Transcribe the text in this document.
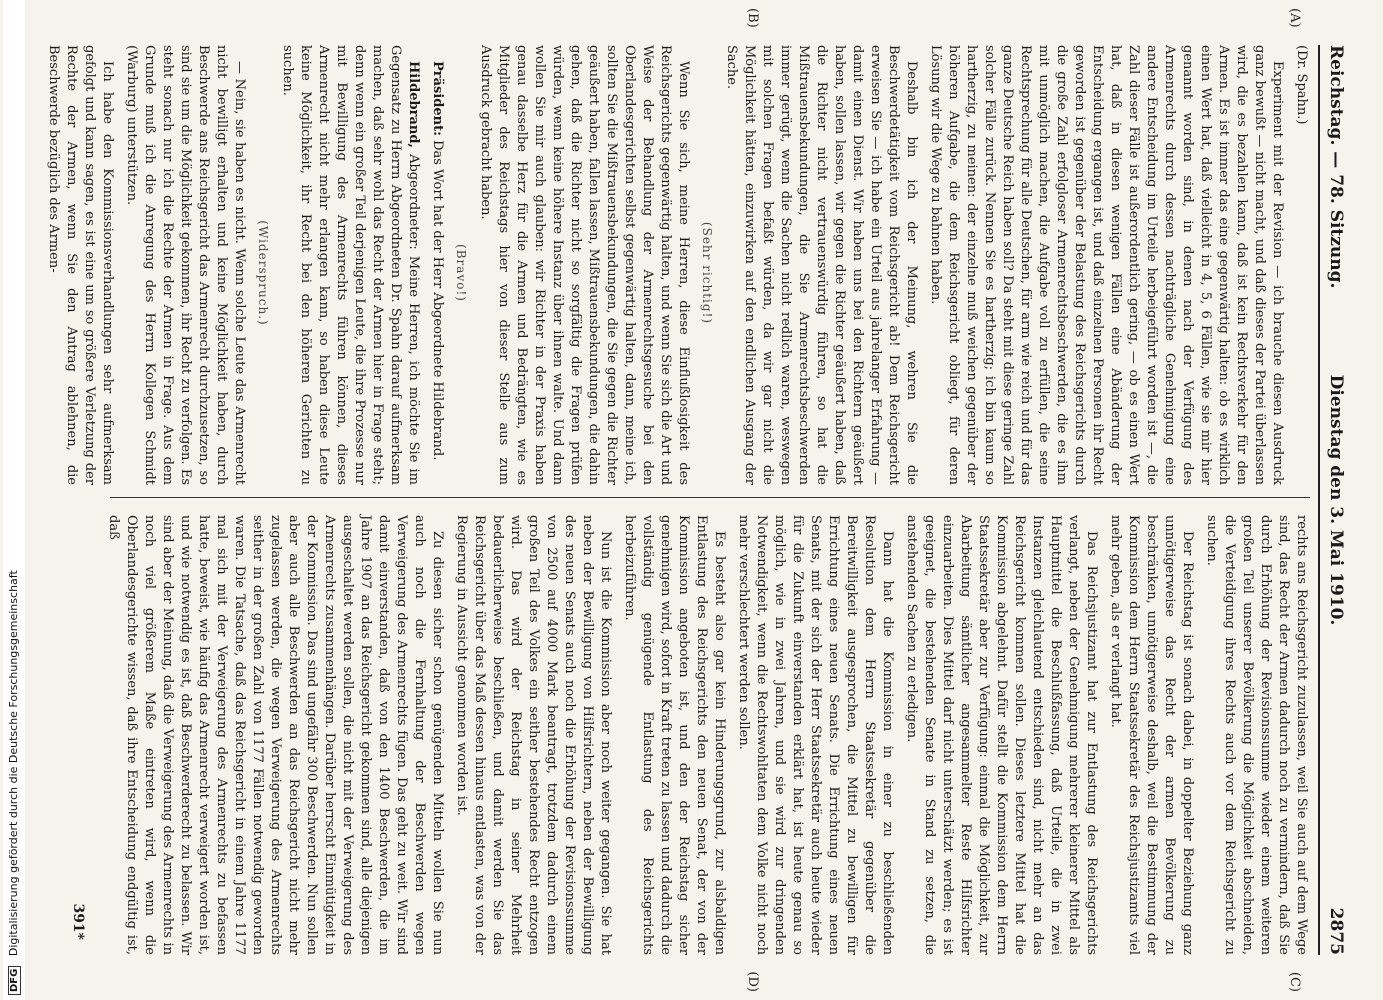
DFG Digitalisierung gefördert durch die Deutsche Forschungsgemeinschaft
Reichstag. — 78. Sitzung.
Dienstag den 3. Mai 1910.
2875
(A)
(B)
(C)
(D)

(Dr. Spahn.)

Experiment mit der Revision — ich brauche diesen Ausdruck ganz bewußt — nicht macht, und daß dieses der Partei überlassen wird, die es bezahlen kann, daß ist kein Rechtsverkehr für den Armen. Es ist immer das eine gegenwärtig halten: ob es wirklich einen Wert hat, daß vielleicht in 4, 5, 6 Fällen, wie sie mir hier genannt worden sind, in denen nach der Verfügung des Armenrechts durch dessen nachträgliche Genehmigung eine andere Entscheidung im Urteile herbeigeführt worden ist —, die Zahl dieser Fälle ist außerordentlich gering, — ob es einen Wert hat, daß in diesen wenigen Fällen eine Abänderung der Entscheidung ergangen ist, und daß einzelnen Personen ihr Recht geworden ist gegenüber der Belastung des Reichsgerichts durch die große Zahl erfolgloser Armenrechtsbeschwerden, die es ihm mit unmöglich machen, die Aufgabe voll zu erfüllen, die seine Rechtsprechung für alle Deutschen, für arm wie reich und für das ganze Deutsche Reich haben soll? Da steht mit diese geringe Zahl solcher Fälle zurück. Nennen Sie es hartherzig; ich bin kaum so hartherzig, zu meinen: der einzelne muß weichen gegenüber der höheren Aufgabe, die dem Reichsgericht obliegt, für deren Lösung wir die Wege zu bahnen haben.

Deshalb bin ich der Meinung, wehren Sie die Beschwerdetätigkeit vom Reichsgericht ab! Dem Reichsgericht erweisen Sie — ich habe ein Urteil aus jahrelanger Erfahrung — damit einen Dienst. Wir haben uns bei den Richtern geäußert haben, sollen lassen, wir gegen die Richter geäußert haben, daß die Richter nicht vertrauenswürdig führen, so hat die Mißtrauensbekundungen, die Sie Armenrechtsbeschwerden immer gerügt, wenn die Sachen nicht redlich waren, weswegen mit solchen Fragen befaßt würden, da wir gar nicht die Möglichkeit hätten, einzuwirken auf den endlichen Ausgang der Sache.

(Sehr richtig!)

Wenn Sie sich, meine Herren, diese Einflußlosigkeit des Reichsgerichts gegenwärtig halten, und wenn Sie sich die Art und Weise der Behandlung der Armenrechtsgesuche bei den Oberlandesgerichten selbst gegenwärtig halten, dann, meine ich, sollten Sie die Mißtrauensbekundungen, die Sie gegen die Richter geäußert haben, fallen lassen, Mißtrauensbekundungen, die dahin gehen, daß die Richter nicht so sorgfältig die Fragen prüfen würden, wenn keine höhere Instanz über ihnen walte. Und dann wollen Sie mir auch glauben: wir Richter in der Praxis haben genau dasselbe Herz für die Armen und Bedrängten, wie es Mitglieder des Reichstags hier von dieser Stelle aus zum Ausdruck gebracht haben.

(Bravo!)

Präsident: Das Wort hat der Herr Abgeordnete Hildebrand.

Hildebrand, Abgeordneter: Meine Herren, ich möchte Sie im Gegensatz zu Herrn Abgeordneten Dr. Spahn darauf aufmerksam machen, daß sehr wohl das Recht der Armen hier in Frage steht; denn wenn ein großer Teil derjenigen Leute, die ihre Prozesse nur mit Bewilligung des Armenrechts führen können, dieses Armenrecht nicht mehr erlangen kann, so haben diese Leute keine Möglichkeit, ihr Recht bei den höheren Gerichten zu suchen.

(Widerspruch.)

— Nein, sie haben es nicht. Wenn solche Leute das Armenrecht nicht bewilligt erhalten und keine Möglichkeit haben, durch Beschwerde ans Reichsgericht das Armenrecht durchzusetzen, so sind sie um die Möglichkeit gekommen, ihr Recht zu verfolgen. Es steht sonach nur ich die Rechte der Armen in Frage. Aus dem Grunde muß ich die Anregung des Herrn Kollegen Schmidt (Warburg) unterstützen.

Ich habe den Kommissionsverhandlungen sehr aufmerksam gefolgt und kann sagen, es ist eine um so größere Verletzung der Rechte der Armen, wenn Sie den Antrag ablehnen, die Beschwerde bezüglich des Armen-

rechts ans Reichsgericht zuzulassen, weil Sie auch auf dem Wege sind, das Recht der Armen dadurch noch zu vermindern, daß Sie durch Erhöhung der Revisionssumme wieder einem weiteren großen Teil unserer Bevölkerung die Möglichkeit abschneiden, die Verteidigung ihres Rechts auch vor dem Reichsgericht zu suchen.

Der Reichstag ist sonach dabei, in doppelter Beziehung ganz unnötigerweise das Recht der armen Bevölkerung zu beschränken, unnötigerweise deshalb, weil die Bestimmung der Kommission dem Herrn Staatssekretär des Reichsjustizamts viel mehr geben, als er verlangt hat.

Das Reichsjustizamt hat zur Entlastung des Reichsgerichts verlangt, neben der Genehmigung mehrerer kleinerer Mittel als Hauptmittel die Beschlußfassung, daß Urteile, die in zwei Instanzen gleichlautend entschieden sind, nicht mehr an das Reichsgericht kommen sollen. Dieses letztere Mittel hat die Kommission abgelehnt. Dafür stellt die Kommission dem Herrn Staatssekretär aber zur Verfügung: einmal die Möglichkeit, zur Abarbeitung sämtlicher angesammelter Reste Hilfsrichter einzuarbeiten. Dies Mittel darf nicht unterschätzt werden; es ist geeignet, die bestehenden Senate in Stand zu setzen, die anstehenden Sachen zu erledigen.

Dann hat die Kommission in einer zu beschließenden Resolution dem Herrn Staatssekretär gegenüber die Bereitwilligkeit ausgesprochen, die Mittel zu bewilligen für Errichtung eines neuen Senats. Die Errichtung eines neuen Senats, mit der sich der Herr Staatssekretär auch heute wieder für die Zukunft einverstanden erklärt hat, ist heute genau so möglich, wie in zwei Jahren, und sie wird zur dringenden Notwendigkeit, wenn die Rechtswohltaten dem Volke nicht noch mehr verschlechtert werden sollen.

Es besteht also gar kein Hinderungsgrund, zur alsbaldigen Entlastung des Reichsgerichts den neuen Senat, der von der Kommission angeboten ist, und den der Reichstag sicher genehmigen wird, sofort in Kraft treten zu lassen und dadurch die vollständig genügende Entlastung des Reichsgerichts herbeizuführen.

Nun ist die Kommission aber noch weiter gegangen. Sie hat neben der Bewilligung von Hilfsrichtern, neben der Bewilligung des neuen Senats auch noch die Erhöhung der Revisionssumme von 2500 auf 4000 Mark beantragt, trotzdem dadurch einem großen Teil des Volkes ein seither bestehendes Recht entzogen wird. Das wird der Reichstag in seiner Mehrheit bedauerlicherweise beschließen, und damit werden Sie das Reichsgericht über das Maß dessen hinaus entlasten, was von der Regierung in Aussicht genommen worden ist.

Zu diesen sicher schon genügenden Mitteln wollen Sie nun auch noch die Fernhaltung der Beschwerden wegen Verweigerung des Armenrechts fügen. Das geht zu weit. Wir sind damit einverstanden, daß von den 1400 Beschwerden, die im Jahre 1907 an das Reichsgericht gekommen sind, alle diejenigen ausgeschaltet werden sollen, die nicht mit der Verweigerung des Armenrechts zusammenhängen. Darüber herrscht Einmütigkeit in der Kommission. Das sind ungefähr 300 Beschwerden. Nun sollen aber auch alle Beschwerden an das Reichsgericht nicht mehr zugelassen werden, die wegen Verweigerung des Armenrechts seither in der großen Zahl von 1177 Fällen notwendig geworden waren. Die Tatsache, daß das Reichsgericht in einem Jahre 1177 mal sich mit der Verweigerung des Armenrechts zu befassen hatte, beweist, wie häufig das Armenrecht verweigert worden ist, und wie notwendig es ist, daß Beschwerderecht zu belassen. Wir sind aber der Meinung, daß die Verweigerung des Armenrechts in noch viel größerem Maße eintreten wird, wenn die Oberlandesgerichte wissen, daß ihre Entscheidung endgültig ist, daß

391*
